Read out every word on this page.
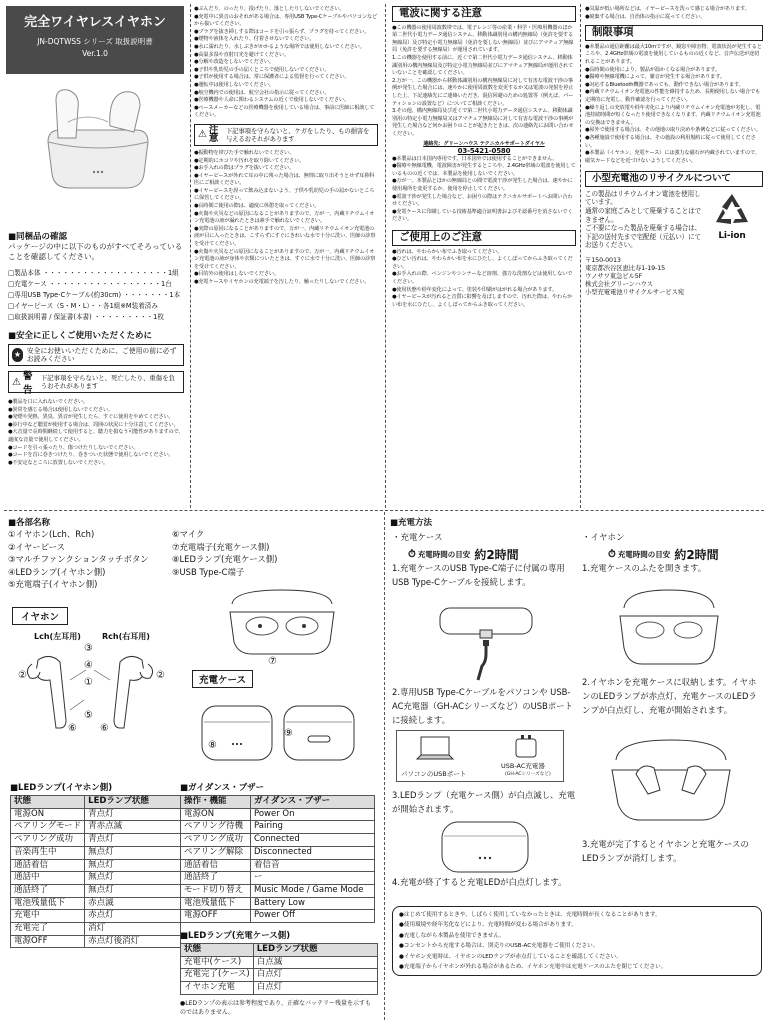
完全ワイヤレスイヤホン
JN-DQTWSS シリーズ 取扱説明書
Ver.1.0
■同梱品の確認
パッケージの中に以下のものがすべてそろっていることを確認してください。
□製品本体 ・・・・・・・・・・・・・・・・・・・1組
□充電ケース ・・・・・・・・・・・・・・・・・1台
□専用USB Type-Cケーブル(約30cm) ・・・・・・・1本
□イヤーピース（S・M・L）・・各1組※M装着済み
□取扱説明書 / 保証書(本書) ・・・・・・・・・1枚
■安全に正しくご使用いただくために
★ 安全にお使いいただくために、ご使用の前に必ずお読みください
⚠ 警告
下記事項を守らないと、死亡したり、重傷を負うおそれがあります

●製品を口に入れないでください。

●異常を感じる場合は使用しないでください。

●発煙や発熱、異臭、異音が発生したら、すぐに使用をやめてください。

●歩行中など聴覚が使用する場合は、周囲の状況に十分注意してください。

●大音量で長時間継続して使用すると、聴力を損なう可能性がありますので、適度な音量で使用してください。

●コードを引っ張ったり、傷つけたりしないでください。

●コードを首に巻きつけたり、巻きついた状態で使用しないでください。

●不安定なところに放置しないでください。

●ぶんだり、のったり、投げたり、落としたりしないでください。

●充電中に異音のおそれがある場合は、専用USB Type-Cケーブルやパソコンなどから抜いてください。

●プラグを抜き挿しする際はコードを引っ張らず、プラグを持ってください。

●煙物や液体を入れたり、付着させないでください。

●水に濡れたり、水しぶきがかかるような場所では使用しないでください。

●高温多湿や直射日光を避けてください。

●分解や改造をしないでください。

●子供や乳幼児の手の届くところで使用しないでください。

●子供が使用する場合は、常に保護者による監督を行ってください。

●運転中は使用しないでください。

●航空機内での使用は、航空会社の指示に従ってください。

●医療機器や人命に関わるシステムの近くで使用しないでください。

●ペースメーカーなどの医療機器を使用している場合は、事前に医師に相談してください。

⚠ 注意
下記事項を守らないと、ケガをしたり、もの損害を与えるおそれがあります

●振動物を帯びた手で触れないでください。

●定期的にホコリや汚れを取り除いてください。

●お手入れの際はプラグを抜いてください。

●イヤーピースが外れて耳の中に残った場合は、無理に取り出そうとせず耳鼻科医にご相談ください。

●イヤーピースを誤って飲み込まないよう、子供や乳幼児の手の届かないところに保管してください。

●長時間ご使用の際は、適度に休憩を取ってください。

●火傷や火災などの原因になることがありますので、万が一、内蔵リチウムイオン充電池の液が漏れたときは素手で触れないでください。

●実際の原因になることがありますので、万が一、内蔵リチウムイオン充電池の液が目に入ったときは、こすらずにすぐにきれいな水で十分に洗い、医師の診察を受けてください。

●火傷や火災などの原因になることがありますので、万が一、内蔵リチウムイオン充電池の液が身体や衣類についたときは、すぐに水で十分に洗い、医師の診察を受けてください。

●目的外の使用はしないでください。

●充電ケースやイヤホンの充電端子を汚したり、触ったりしないでください。

電波に関する注意

●この機器の使用周波数帯では、電子レンジ等の産業・科学・医療用機器のほか第二世代小電力データ通信システム、移動体識別用の構内無線局（免許を要する無線局）及び特定小電力無線局（免許を要しない無線局）並びにアマチュア無線局（免許を要する無線局）が運用されています。

1.この機器を使用する前に、近くで第二世代小電力データ通信システム、移動体識別用の構内無線局及び特定小電力無線局並びにアマチュア無線局が運用されていないことを確認してください。

2.万が一、この機器から移動体識別用の構内無線局に対して有害な電波干渉の事例が発生した場合には、速やかに使用周波数を変更するか又は電波の発射を停止した上、下記連絡先にご連絡いただき、混信回避のための処置等（例えば、パーティションの設置など）についてご相談ください。

3.その他、構内無線局及び近くで第二世代小電力データ通信システム、移動体識別用の特定小電力無線局又はアマチュア無線局に対して有害な電波干渉の事例が発生した場合など何かお困りのことが起きたときは、次の連絡先にお問い合わせください。

連絡先：グリーンハウス テクニカルサポートダイヤル
03-5421-0580

●本製品は日本国内専用です。日本国外では使用することができません。

●醫療や無線電機、電波障害が発生するところや、2.4GHz帯域の電波を使用しているものの近くでは、本製品を使用しないでください。

●万が一、本製品とほかの無線局との間で電波干渉が発生した場合は、速やかに使用場所を変更するか、使用を停止してください。

●電波干渉が発生した場合など、お困りの際はテクニカルサポートへお問い合わせください。

●充電ケースに印刷している技術基準適合証明書およびそ認番号を消さないでください。

ご使用上のご注意

●汚れは、やわらかい布でふき取ってください。

●ひどい汚れは、やわらかい布を水にひたし、よくしぼってからふき取ってください。

●お手入れの際、ベンジンやシンナーなど溶剤、強力な洗剤などは使用しないでください。

●使用状態や経年変化によって、塗装や印刷がはがれる場合があります。

●イヤーピースが汚れると音質に影響を及ぼしますので、汚れた際は、やわらかい布を水にひたし、よくしぼってからふき取ってください。

●気温が低い場所などは、イヤーピースを洗って感じる場合があります。

●廃棄する場合は、自治体の指示に従ってください。

制限事項

●本製品の通信距離は最大10mですが、鏡窓や障害物、電波状況が発生するところや、2.4GHz帯域の電波を使用しているものの近くなど、音声伝送が途切れることがあります。

●長時間の使用により、製品が温かくなる場合があります。

●醫療や無線電機によって、雑音が発生する場合があります。

●対応するBluetooth機器であっても、動作できない場合があります。

●内蔵リチウムイオン充電池の性能を維持するため、長期使用しない場合でも定期的に充電し、動作確認を行ってください。

●繰り返しの充放電や経年劣化により内蔵リチウムイオン充電池が劣化し、電池持続時間が短くなったり使用できなくなります。内蔵リチウムイオン充電池の交換はできません。

●屋外で使用する場合は、その他地の取り決めや条例などに従ってください。

●各種施設で使用する場合は、その施設の利用規約に従って使用してください。

●本製品（イヤホン、充電ケース）には強力な磁石が内蔵されていますので、磁気カードなどを近づけないようしてください。

小型充電池のリサイクルについて

この製品はリチウムイオン電池を使用しています。

通常の家庭ごみとして廃棄することはできません。

ご不要になった製品を廃棄する場合は、下記の送付先まで宅配便（元払い）にてお送りください。

Li-ion

〒150-0013

東京都渋谷区恵比寿1-19-15

ウノサワ東急ビル5F

株式会社グリーンハウス

小型充電電池リサイクルサービス宛

■各部名称
①イヤホン(Lch、Rch)
②イヤーピース
③マルチファンクションタッチボタン
④LEDランプ(イヤホン側)
⑤充電端子(イヤホン側)
⑥マイク
⑦充電端子(充電ケース側)
⑧LEDランプ(充電ケース側)
⑨USB Type-C端子
イヤホン
Lch(左耳用)	Rch(右耳用)
②
③
④
①
⑤
⑥ ⑥
②
⑦
充電ケース
⑧
⑨
■LEDランプ(イヤホン側)
状態	LEDランプ状態
電源ON	青点灯
ペアリングモード	青赤点滅
ペアリング成功	青点灯
音楽再生中	無点灯
通話着信	無点灯
通話中	無点灯
通話終了	無点灯
電池残量低下	赤点滅
充電中	赤点灯
充電完了	消灯
電源OFF	赤点灯後消灯
■ガイダンス・ブザー
操作・機能	ガイダンス・ブザー
電源ON	Power On
ペアリング待機	Pairing
ペアリング成功	Connected
ペアリング解除	Disconnected
通話着信	着信音
通話終了	ー
モード切り替え	Music Mode / Game Mode
電池残量低下	Battery Low
電源OFF	Power Off
■LEDランプ(充電ケース側)
状態	LEDランプ状態
充電中(ケース)	白点滅
充電完了(ケース)	白点灯
イヤホン充電	白点灯
●LEDランプの表示は参考程度であり、正確なバッテリー残量を示すものではありません。
■充電方法
・充電ケース	・イヤホン
⏱ 充電時間の目安 約2時間	⏱ 充電時間の目安 約2時間
1.充電ケースのUSB Type-C端子に付属の専用USB Type-Cケーブルを接続します。
2.専用USB Type-Cケーブルをパソコンや USB-AC充電器（GH-ACシリーズなど）のUSBポートに接続します。
パソコンのUSBポート
USB-AC充電器
(GH-ACシリーズなど)
3.LEDランプ（充電ケース側）が白点滅し、充電が開始されます。
4.充電が終了すると充電LEDが白点灯します。
1.充電ケースのふたを開きます。
2.イヤホンを充電ケースに収納します。イヤホンのLEDランプが赤点灯、充電ケースのLEDランプが白点灯し、充電が開始されます。
3.充電が完了するとイヤホンと充電ケースのLEDランプが消灯します。

●はじめて使用するときや、しばらく使用していなかったときは、充電時間が長くなることがあります。

●使用環境や経年劣化などにより、充電時間が変わる場合があります。

●充電しながら本製品を使用できません。

●コンセントから充電する場合は、別売りのUSB-AC充電器をご使用ください。

●イヤホン充電時は、イヤホンのLEDランプが赤点灯していることを確認してください。

●充電端子からイヤホンが外れる場合があるため、イヤホン充電中は充電ケースのふたを閉じてください。
